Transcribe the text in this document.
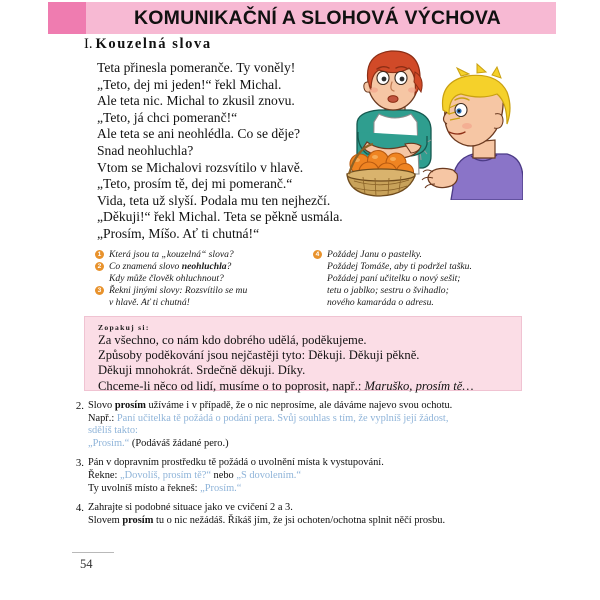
KOMUNIKAČNÍ A SLOHOVÁ VÝCHOVA
I. Kouzelná slova
Teta přinesla pomeranče. Ty voněly!
„Teto, dej mi jeden!“ řekl Michal.
Ale teta nic. Michal to zkusil znovu.
„Teto, já chci pomeranč!“
Ale teta se ani neohlédla. Co se děje?
Snad neohluchla?
Vtom se Michalovi rozsvítilo v hlavě.
„Teto, prosím tě, dej mi pomeranč.“
Vida, teta už slyší. Podala mu ten nejhezčí.
„Děkuji!“ řekl Michal. Teta se pěkně usmála.
„Prosím, Míšo. Ať ti chutná!“
1 Která jsou ta „kouzelná“ slova?
2 Co znamená slovo neohluchla?
Kdy může člověk ohluchnout?
3 Řekni jinými slovy: Rozsvítilo se mu
v hlavě. Ať ti chutná!
4 Požádej Janu o pastelky.
Požádej Tomáše, aby ti podržel tašku.
Požádej paní učitelku o nový sešit;
tetu o jablko; sestru o švihadlo;
nového kamaráda o adresu.
Zopakuj si:
Za všechno, co nám kdo dobrého udělá, poděkujeme.
Způsoby poděkování jsou nejčastěji tyto: Děkuji. Děkuji pěkně.
Děkuji mnohokrát. Srdečně děkuji. Díky.
Chceme-li něco od lidí, musíme o to poprosit, např.: Maruško, prosím tě…
2. Slovo prosím užíváme i v případě, že o nic neprosíme, ale dáváme najevo svou ochotu.
Např.: Paní učitelka tě požádá o podání pera. Svůj souhlas s tím, že vyplníš její žádost,
sdělíš takto:
„Prosím.“ (Podáváš žádané pero.)
3. Pán v dopravním prostředku tě požádá o uvolnění místa k vystupování.
Řekne: „Dovolíš, prosím tě?“ nebo „S dovolením.“
Ty uvolníš místo a řekneš: „Prosím.“
4. Zahrajte si podobné situace jako ve cvičení 2 a 3.
Slovem prosím tu o nic nežádáš. Říkáš jím, že jsi ochoten/ochotna splnit něčí prosbu.
54
